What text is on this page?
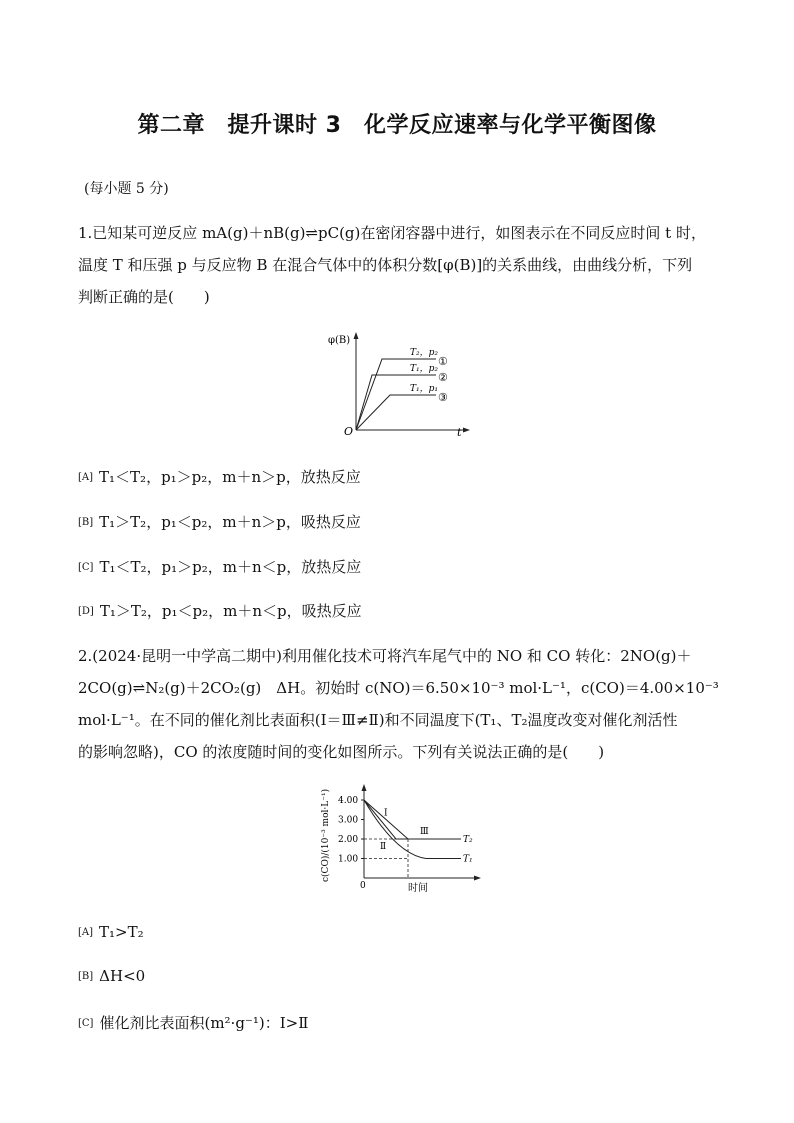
第二章　提升课时 3　化学反应速率与化学平衡图像
(每小题 5 分)
1.已知某可逆反应 mA(g)＋nB(g)⇌pC(g)在密闭容器中进行，如图表示在不同反应时间 t 时，
温度 T 和压强 p 与反应物 B 在混合气体中的体积分数[φ(B)]的关系曲线，由曲线分析，下列
判断正确的是(　　)
φ(B)
O	t
T₂，p₂
①
T₁，p₂
②
T₁，p₁
③
[A] T₁＜T₂，p₁＞p₂，m＋n＞p，放热反应
[B] T₁＞T₂，p₁＜p₂，m＋n＞p，吸热反应
[C] T₁＜T₂，p₁＞p₂，m＋n＜p，放热反应
[D] T₁＞T₂，p₁＜p₂，m＋n＜p，吸热反应
2.(2024·昆明一中学高二期中)利用催化技术可将汽车尾气中的 NO 和 CO 转化：2NO(g)＋
2CO(g)⇌N₂(g)＋2CO₂(g)　ΔH。初始时 c(NO)＝6.50×10⁻³ mol·L⁻¹，c(CO)＝4.00×10⁻³
mol·L⁻¹。在不同的催化剂比表面积(Ⅰ＝Ⅲ≠Ⅱ)和不同温度下(T₁、T₂温度改变对催化剂活性
的影响忽略)，CO 的浓度随时间的变化如图所示。下列有关说法正确的是(　　)
c(CO)/(10⁻³ mol·L⁻¹)
0	时间
4.00
3.00
2.00
1.00
Ⅰ
Ⅱ
Ⅲ
T₂
T₁
[A] T₁>T₂
[B] ΔH<0
[C] 催化剂比表面积(m²·g⁻¹)：Ⅰ>Ⅱ
